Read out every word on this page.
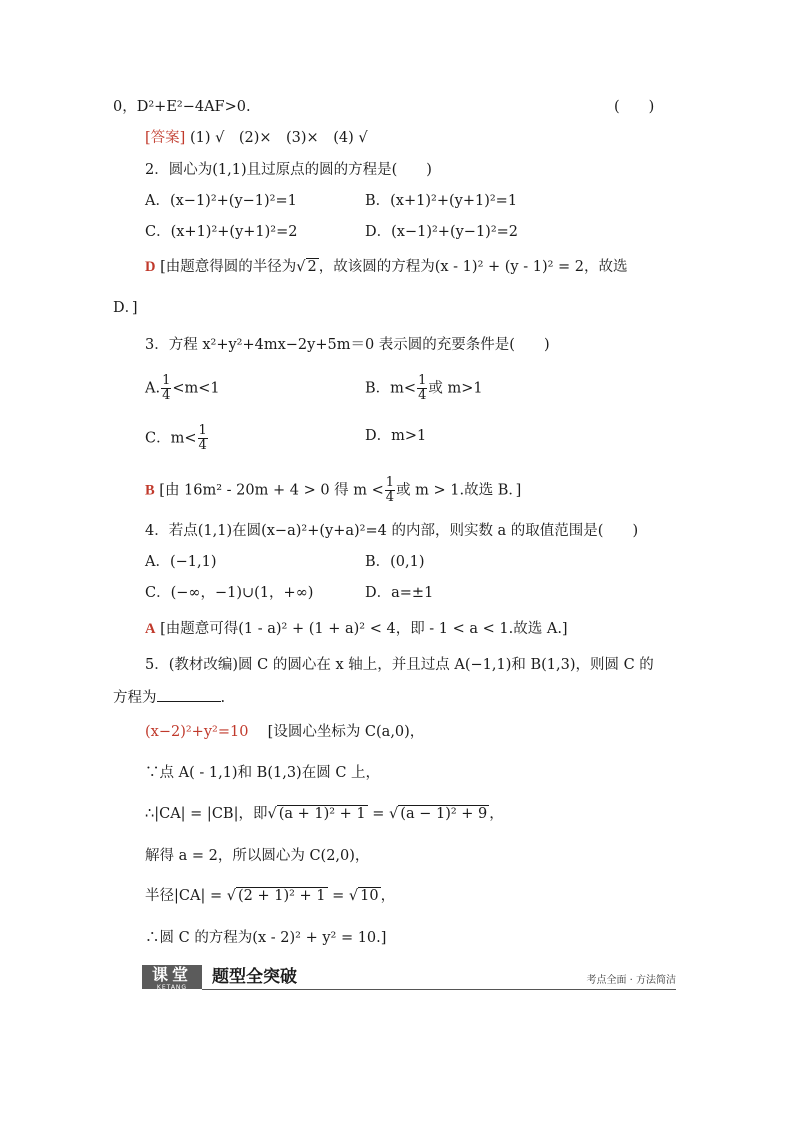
0，D²+E²−4AF>0.	(　　)
[答案] (1) √　(2)×　(3)×　(4) √
2．圆心为(1,1)且过原点的圆的方程是(　　)
A．(x−1)²+(y−1)²=1	B．(x+1)²+(y+1)²=1
C．(x+1)²+(y+1)²=2	D．(x−1)²+(y−1)²=2
D [由题意得圆的半径为√ 2 ，故该圆的方程为(x - 1)² + (y - 1)² = 2，故选
D．]
3．方程 x²+y²+4mx−2y+5m＝0 表示圆的充要条件是(　　)
A. $\frac{1}{4} <m<1$	B．$m< \frac{1}{4}$ 或 m>1
C．$m< \frac{1}{4}$	D．m>1
B [由 16m² - 20m + 4 > 0 得 $m < \frac{1}{4}$ 或 m > 1.故选 B．]
4．若点(1,1)在圆(x−a)²+(y+a)²=4 的内部，则实数 a 的取值范围是(　　)
A．(−1,1)	B．(0,1)
C．(−∞，−1)∪(1，+∞)	D．a=±1
A [由题意可得(1 - a)² + (1 + a)² < 4，即 - 1 < a < 1.故选 A.]
5．(教材改编)圆 C 的圆心在 x 轴上，并且过点 A(−1,1)和 B(1,3)，则圆 C 的
方程为	.
(x−2)²+y²=10 [设圆心坐标为 C(a,0)，
∵点 A( - 1,1)和 B(1,3)在圆 C 上，
∴|CA| = |CB|，即√ (a + 1)² + 1 = √ (a − 1)² + 9 ，
解得 a = 2，所以圆心为 C(2,0)，
半径|CA| = √ (2 + 1)² + 1 = √ 10 ，
∴圆 C 的方程为(x - 2)² + y² = 10.]
课堂
KETANG
题型全突破	考点全面 · 方法简洁
